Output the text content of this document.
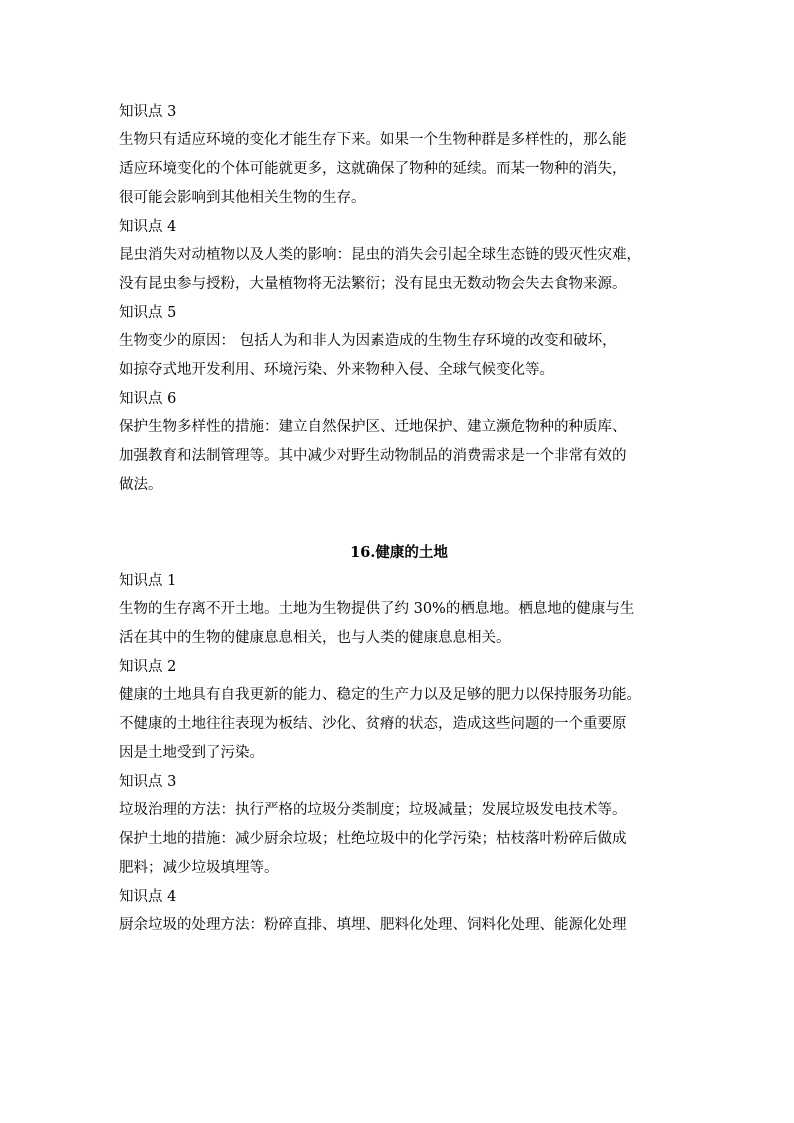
知识点 3
生物只有适应环境的变化才能生存下来。如果一个生物种群是多样性的，那么能
适应环境变化的个体可能就更多，这就确保了物种的延续。而某一物种的消失，
很可能会影响到其他相关生物的生存。
知识点 4
昆虫消失对动植物以及人类的影响：昆虫的消失会引起全球生态链的毁灭性灾难，
没有昆虫参与授粉，大量植物将无法繁衍；没有昆虫无数动物会失去食物来源。
知识点 5
生物变少的原因： 包括人为和非人为因素造成的生物生存环境的改变和破坏，
如掠夺式地开发利用、环境污染、外来物种入侵、全球气候变化等。
知识点 6
保护生物多样性的措施：建立自然保护区、迁地保护、建立濒危物种的种质库、
加强教育和法制管理等。其中减少对野生动物制品的消费需求是一个非常有效的
做法。
16.健康的土地
知识点 1
生物的生存离不开土地。土地为生物提供了约 30%的栖息地。栖息地的健康与生
活在其中的生物的健康息息相关，也与人类的健康息息相关。
知识点 2
健康的土地具有自我更新的能力、稳定的生产力以及足够的肥力以保持服务功能。
不健康的土地往往表现为板结、沙化、贫瘠的状态，造成这些问题的一个重要原
因是土地受到了污染。
知识点 3
垃圾治理的方法：执行严格的垃圾分类制度；垃圾减量；发展垃圾发电技术等。
保护土地的措施：减少厨余垃圾；杜绝垃圾中的化学污染；枯枝落叶粉碎后做成
肥料；减少垃圾填埋等。
知识点 4
厨余垃圾的处理方法：粉碎直排、填埋、肥料化处理、饲料化处理、能源化处理
